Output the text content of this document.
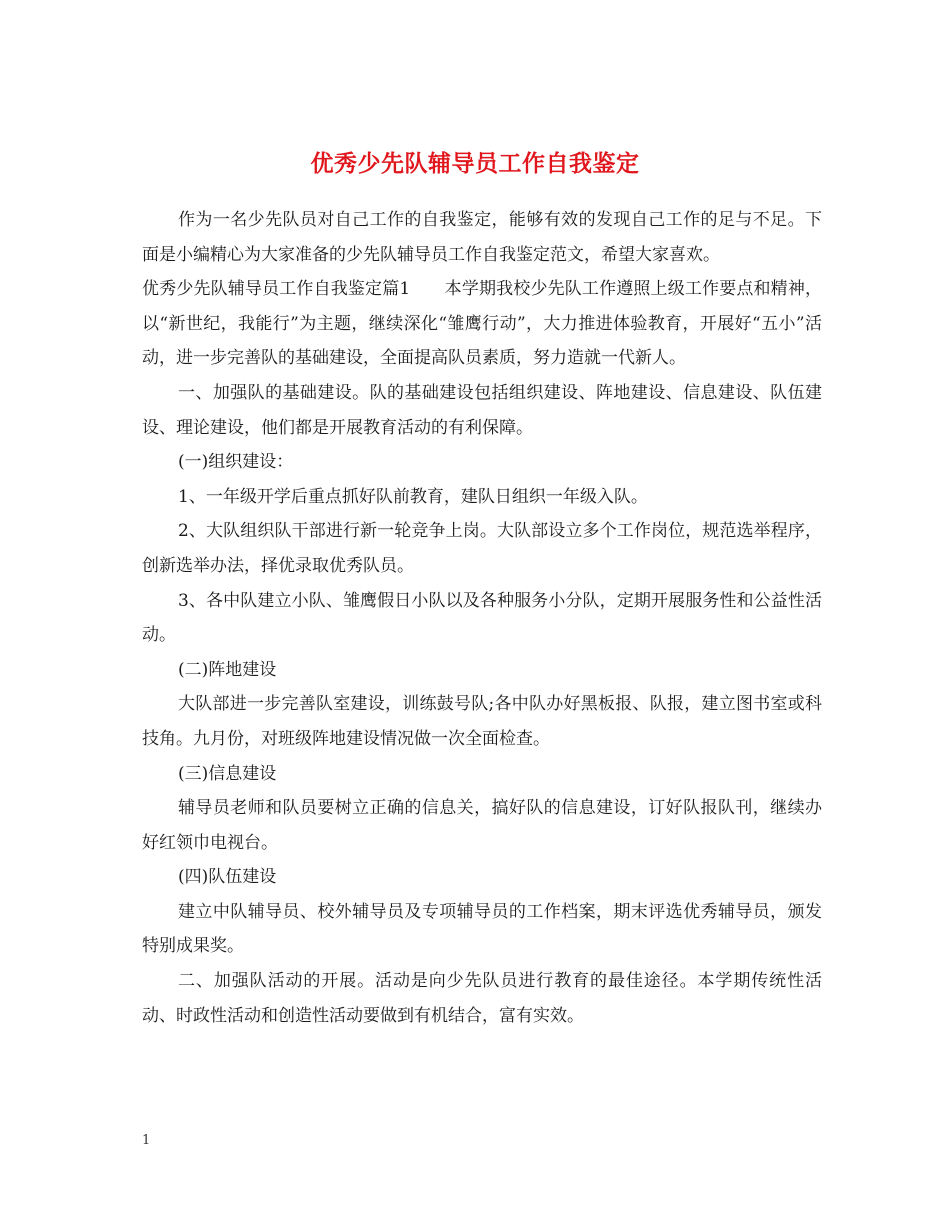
优秀少先队辅导员工作自我鉴定

作为一名少先队员对自己工作的自我鉴定，能够有效的发现自己工作的足与不足。下面是小编精心为大家准备的少先队辅导员工作自我鉴定范文，希望大家喜欢。

优秀少先队辅导员工作自我鉴定篇1　　本学期我校少先队工作遵照上级工作要点和精神，以“新世纪，我能行”为主题，继续深化“雏鹰行动”，大力推进体验教育，开展好“五小”活动，进一步完善队的基础建设，全面提高队员素质，努力造就一代新人。

一、加强队的基础建设。队的基础建设包括组织建设、阵地建设、信息建设、队伍建设、理论建设，他们都是开展教育活动的有利保障。

(一)组织建设：

1、一年级开学后重点抓好队前教育，建队日组织一年级入队。

2、大队组织队干部进行新一轮竞争上岗。大队部设立多个工作岗位，规范选举程序，创新选举办法，择优录取优秀队员。

3、各中队建立小队、雏鹰假日小队以及各种服务小分队，定期开展服务性和公益性活动。

(二)阵地建设

大队部进一步完善队室建设，训练鼓号队;各中队办好黑板报、队报，建立图书室或科技角。九月份，对班级阵地建设情况做一次全面检查。

(三)信息建设

辅导员老师和队员要树立正确的信息关，搞好队的信息建设，订好队报队刊，继续办好红领巾电视台。

(四)队伍建设

建立中队辅导员、校外辅导员及专项辅导员的工作档案，期末评选优秀辅导员，颁发特别成果奖。

二、加强队活动的开展。活动是向少先队员进行教育的最佳途径。本学期传统性活动、时政性活动和创造性活动要做到有机结合，富有实效。

1
